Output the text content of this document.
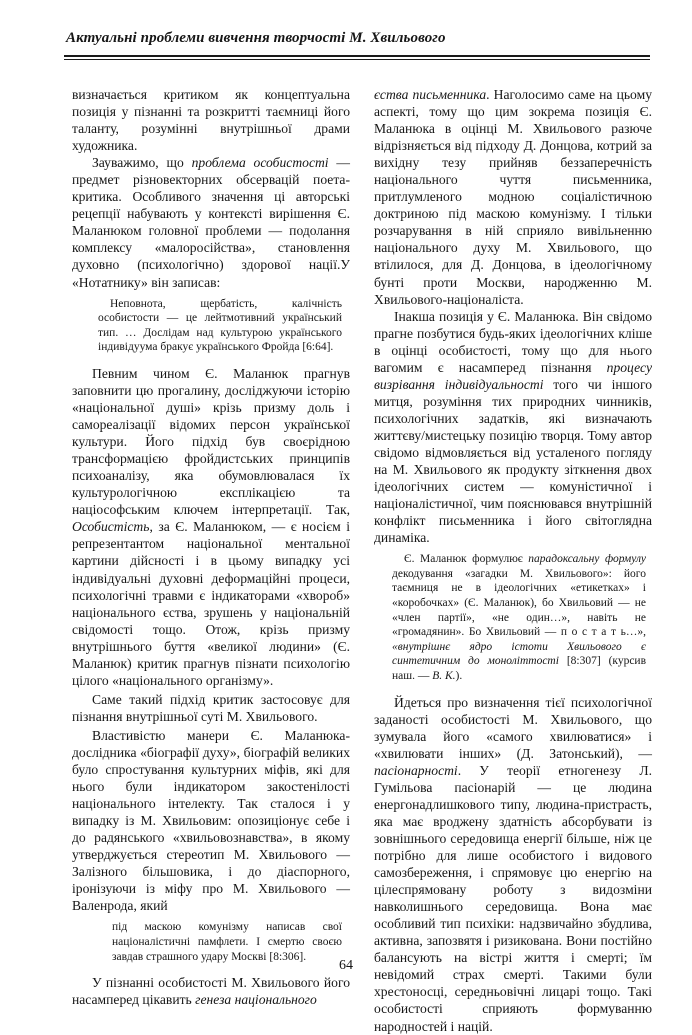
Актуальні проблеми вивчення творчості М. Хвильового

визначається критиком як концептуальна позиція у пізнанні та розкритті таємниці його таланту, розумінні внутрішньої драми художника.

Зауважимо, що проблема особистості — предмет різновекторних обсервацій поета-критика. Особливого значення ці авторські рецепції набувають у контексті вирішення Є. Маланюком головної проблеми — подолання комплексу «малоросійства», становлення духовно (психологічно) здорової нації.У «Нотатнику» він записав:

Неповнота, щербатість, калічність особистости — це лейтмотивний український тип. … Дослідам над культурою українського індивідуума бракує українського Фройда [6:64].

Певним чином Є. Маланюк прагнув заповнити цю прогалину, досліджуючи історію «національної душі» крізь призму доль і самореалізації відомих персон української культури. Його підхід був своєрідною трансформацією фройдистських принципів психоаналізу, яка обумовлювалася їх культурологічною експлікацією та націософським ключем інтерпретації. Так, Особистість, за Є. Маланюком, — є носієм і репрезентантом національної ментальної картини дійсності і в цьому випадку усі індивідуальні духовні деформаційні процеси, психологічні травми є індикаторами «хвороб» національного єства, зрушень у національній свідомості тощо. Отож, крізь призму внутрішнього буття «великої людини» (Є. Маланюк) критик прагнув пізнати психологію цілого «національного організму».

Саме такий підхід критик застосовує для пізнання внутрішньої суті М. Хвильового.

Властивістю манери Є. Маланюка-дослідника «біографії духу», біографій великих було спростування культурних міфів, які для нього були індикатором закостенілості національного інтелекту. Так сталося і у випадку із М. Хвильовим: опозиціонує себе і до радянського «хвильовознавства», в якому утверджується стереотип М. Хвильового — Залізного більшовика, і до діаспорного, іронізуючи із міфу про М. Хвильового — Валенрода, який

під маскою комунізму написав свої націоналістичні памфлети. І смертю своєю завдав страшного удару Москві [8:306].

У пізнанні особистості М. Хвильового його насамперед цікавить генеза національного

єства письменника. Наголосимо саме на цьому аспекті, тому що цим зокрема позиція Є. Маланюка в оцінці М. Хвильового разюче відрізняється від підходу Д. Донцова, котрий за вихідну тезу прийняв беззаперечність національного чуття письменника, притлумленого модною соціалістичною доктриною під маскою комунізму. І тільки розчарування в ній сприяло вивільненню національного духу М. Хвильового, що втілилося, для Д. Донцова, в ідеологічному бунті проти Москви, народженню М. Хвильового-націоналіста.

Інакша позиція у Є. Маланюка. Він свідомо прагне позбутися будь-яких ідеологічних кліше в оцінці особистості, тому що для нього вагомим є насамперед пізнання процесу визрівання індивідуальності того чи іншого митця, розуміння тих природних чинників, психологічних задатків, які визначають життєву/мистецьку позицію творця. Тому автор свідомо відмовляється від усталеного погляду на М. Хвильового як продукту зіткнення двох ідеологічних систем — комуністичної і націоналістичної, чим пояснювався внутрішній конфлікт письменника і його світоглядна динаміка.

Є. Маланюк формулює парадоксальну формулу декодування «загадки М. Хвильового»: його таємниця не в ідеологічних «етикетках» і «коробочках» (Є. Маланюк), бо Хвильовий — не «член партії», «не один…», навіть не «громадянин». Бо Хвильовий — п о с т а т ь…», «внутрішнє ядро істоти Хвильового є синтетичним до моноліттості [8:307] (курсив наш. — В. К.).

Йдеться про визначення тієї психологічної заданості особистості М. Хвильового, що зумувала його «самого хвилюватися» і «хвилювати інших» (Д. Затонський), — пасіонарності. У теорії етногенезу Л. Гумільова пасіонарій — це людина енергонадлишкового типу, людина-пристрасть, яка має вроджену здатність абсорбувати із зовнішнього середовища енергії більше, ніж це потрібно для лише особистого і видового самозбереження, і спрямовує цю енергію на цілеспрямовану роботу з видозміни навколишнього середовища. Вона має особливий тип психіки: надзвичайно збудлива, активна, запозвятя і ризикована. Вони постійно балансують на вістрі життя і смерті; їм невідомий страх смерті. Такими були хрестоносці, середньовічні лицарі тощо. Такі особистості сприяють формуванню народностей і націй.

64
